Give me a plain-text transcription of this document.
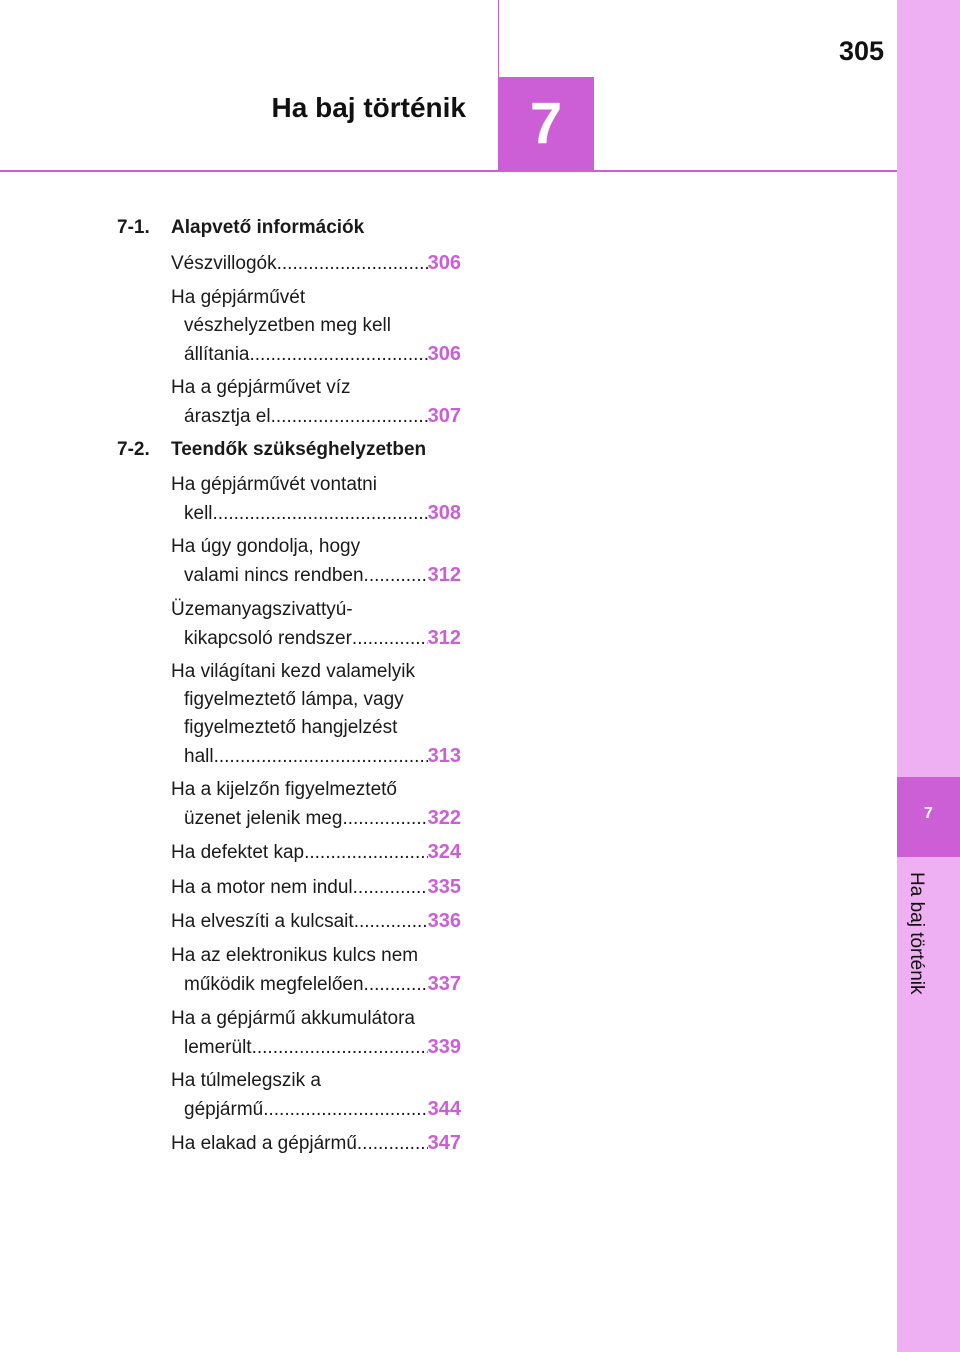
7
Ha baj történik
305
7
Ha baj történik
7-1. Alapvető információk
Vészvillogók .....	306
Ha gépjárművét
vészhelyzetben meg kell
állítania .....	306
Ha a gépjárművet víz
árasztja el .....	307
7-2. Teendők szükséghelyzetben
Ha gépjárművét vontatni
kell .....	308
Ha úgy gondolja, hogy
valami nincs rendben .....	312
Üzemanyagszivattyú-
kikapcsoló rendszer .....	312
Ha világítani kezd valamelyik
figyelmeztető lámpa, vagy
figyelmeztető hangjelzést
hall .....	313
Ha a kijelzőn figyelmeztető
üzenet jelenik meg .....	322
Ha defektet kap .....	324
Ha a motor nem indul .....	335
Ha elveszíti a kulcsait .....	336
Ha az elektronikus kulcs nem
működik megfelelően .....	337
Ha a gépjármű akkumulátora
lemerült .....	339
Ha túlmelegszik a
gépjármű .....	344
Ha elakad a gépjármű .....	347
